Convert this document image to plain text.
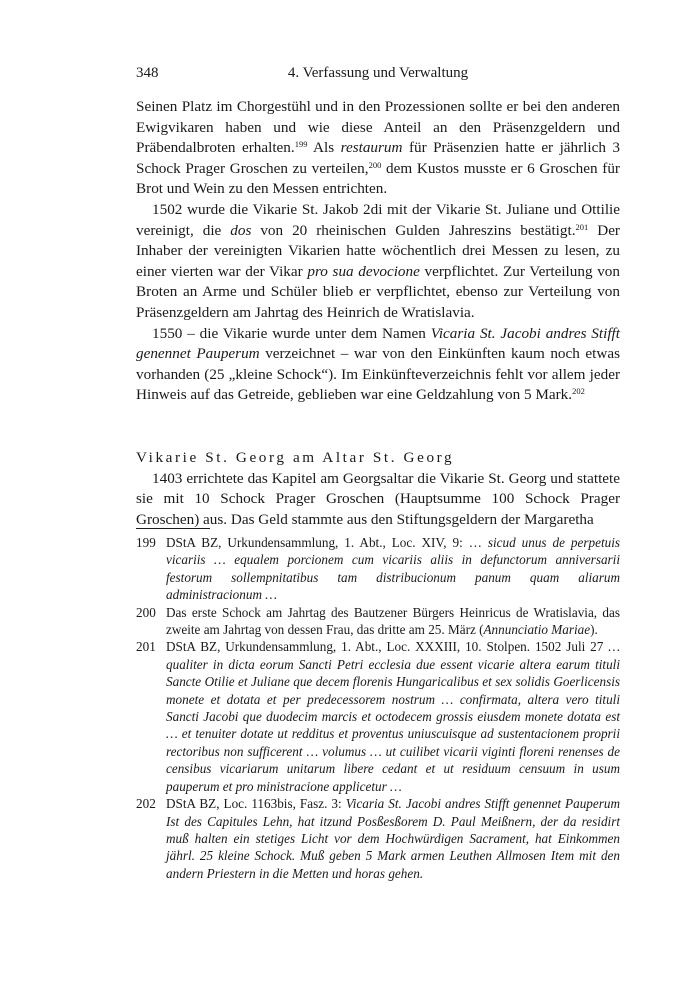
348	4. Verfassung und Verwaltung

Seinen Platz im Chorgestühl und in den Prozessionen sollte er bei den anderen Ewigvikaren haben und wie diese Anteil an den Präsenzgeldern und Präbendalbroten erhalten.$^{199}$ Als restaurum für Präsenzien hatte er jährlich 3 Schock Prager Groschen zu verteilen,$^{200}$ dem Kustos musste er 6 Groschen für Brot und Wein zu den Messen entrichten.

1502 wurde die Vikarie St. Jakob 2di mit der Vikarie St. Juliane und Ottilie vereinigt, die dos von 20 rheinischen Gulden Jahreszins bestätigt.$^{201}$ Der Inhaber der vereinigten Vikarien hatte wöchentlich drei Messen zu lesen, zu einer vierten war der Vikar pro sua devocione verpflichtet. Zur Verteilung von Broten an Arme und Schüler blieb er verpflichtet, ebenso zur Verteilung von Präsenzgeldern am Jahrtag des Heinrich de Wratislavia.

1550 – die Vikarie wurde unter dem Namen Vicaria St. Jacobi andres Stifft genennet Pauperum verzeichnet – war von den Einkünften kaum noch etwas vorhanden (25 „kleine Schock“). Im Einkünfteverzeichnis fehlt vor allem jeder Hinweis auf das Getreide, geblieben war eine Geldzahlung von 5 Mark.$^{202}$

Vikarie St. Georg am Altar St. Georg

1403 errichtete das Kapitel am Georgsaltar die Vikarie St. Georg und stattete sie mit 10 Schock Prager Groschen (Hauptsumme 100 Schock Prager Groschen) aus. Das Geld stammte aus den Stiftungsgeldern der Margaretha

199 DStA BZ, Urkundensammlung, 1. Abt., Loc. XIV, 9: … sicud unus de perpetuis vicariis … equalem porcionem cum vicariis aliis in defunctorum anniversarii festorum sollempnitatibus tam distribucionum panum quam aliarum administracionum …
200 Das erste Schock am Jahrtag des Bautzener Bürgers Heinricus de Wratislavia, das zweite am Jahrtag von dessen Frau, das dritte am 25. März (Annunciatio Mariae).
201 DStA BZ, Urkundensammlung, 1. Abt., Loc. XXXIII, 10. Stolpen. 1502 Juli 27 … qualiter in dicta eorum Sancti Petri ecclesia due essent vicarie altera earum tituli Sancte Otilie et Juliane que decem florenis Hungaricalibus et sex solidis Goerlicensis monete et dotata et per predecessorem nostrum … confirmata, altera vero tituli Sancti Jacobi que duodecim marcis et octodecem grossis eiusdem monete dotata est … et tenuiter dotate ut redditus et proventus uniuscuisque ad sustentacionem proprii rectoribus non sufficerent … volumus … ut cuilibet vicarii viginti floreni renenses de censibus vicariarum unitarum libere cedant et ut residuum censuum in usum pauperum et pro ministracione applicetur …
202 DStA BZ, Loc. 1163bis, Fasz. 3: Vicaria St. Jacobi andres Stifft genennet Pauperum Ist des Capitules Lehn, hat itzund Posßesßorem D. Paul Meißnern, der da residirt muß halten ein stetiges Licht vor dem Hochwürdigen Sacrament, hat Einkommen jährl. 25 kleine Schock. Muß geben 5 Mark armen Leuthen Allmosen Item mit den andern Priestern in die Metten und horas gehen.
